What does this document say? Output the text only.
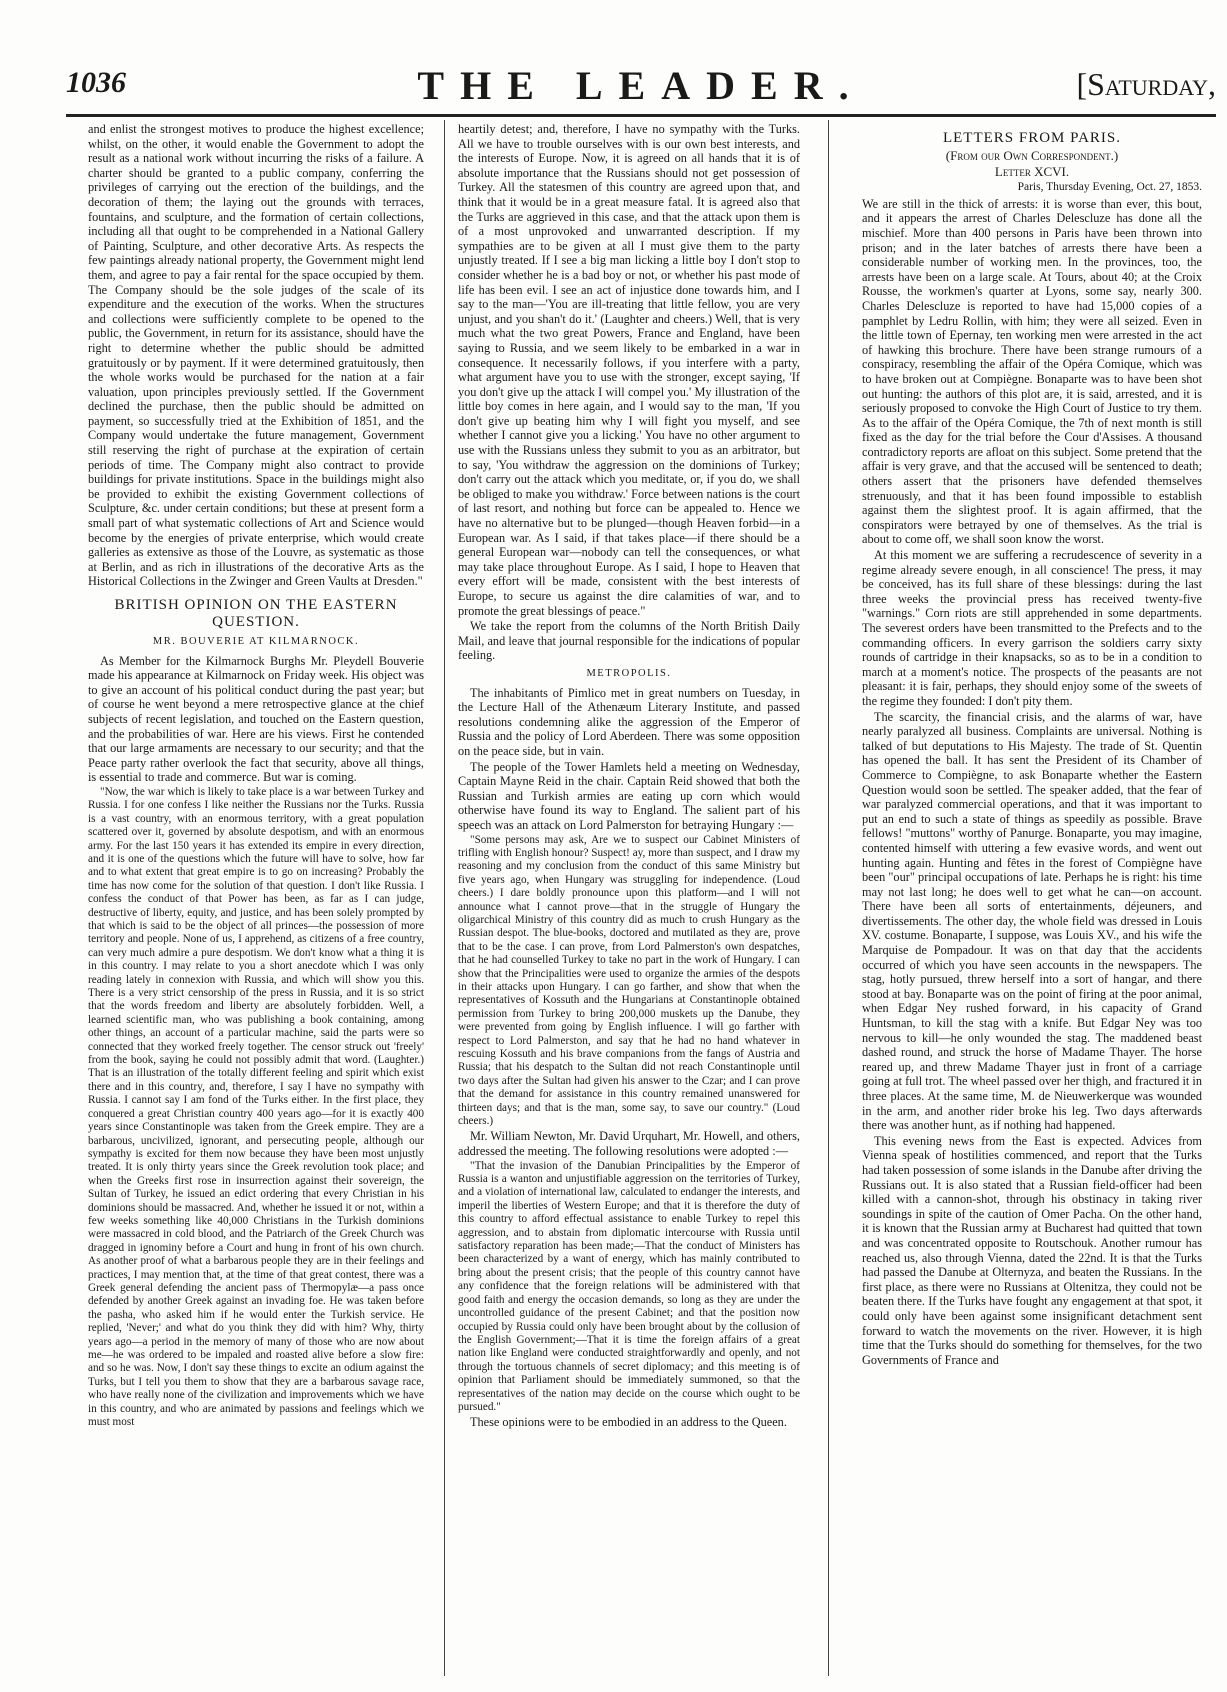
1036	THE LEADER.	[Saturday,

and enlist the strongest motives to produce the highest excellence; whilst, on the other, it would enable the Government to adopt the result as a national work without incurring the risks of a failure. A charter should be granted to a public company, conferring the privileges of carrying out the erection of the buildings, and the decoration of them; the laying out the grounds with terraces, fountains, and sculpture, and the formation of certain collections, including all that ought to be comprehended in a National Gallery of Painting, Sculpture, and other decorative Arts. As respects the few paintings already national property, the Government might lend them, and agree to pay a fair rental for the space occupied by them. The Company should be the sole judges of the scale of its expenditure and the execution of the works. When the structures and collections were sufficiently complete to be opened to the public, the Government, in return for its assistance, should have the right to determine whether the public should be admitted gratuitously or by payment. If it were determined gratuitously, then the whole works would be purchased for the nation at a fair valuation, upon principles previously settled. If the Government declined the purchase, then the public should be admitted on payment, so successfully tried at the Exhibition of 1851, and the Company would undertake the future management, Government still reserving the right of purchase at the expiration of certain periods of time. The Company might also contract to provide buildings for private institutions. Space in the buildings might also be provided to exhibit the existing Government collections of Sculpture, &c. under certain conditions; but these at present form a small part of what systematic collections of Art and Science would become by the energies of private enterprise, which would create galleries as extensive as those of the Louvre, as systematic as those at Berlin, and as rich in illustrations of the decorative Arts as the Historical Collections in the Zwinger and Green Vaults at Dresden."

BRITISH OPINION ON THE EASTERN QUESTION.
MR. BOUVERIE AT KILMARNOCK.

As Member for the Kilmarnock Burghs Mr. Pleydell Bouverie made his appearance at Kilmarnock on Friday week. His object was to give an account of his political conduct during the past year; but of course he went beyond a mere retrospective glance at the chief subjects of recent legislation, and touched on the Eastern question, and the probabilities of war. Here are his views. First he contended that our large armaments are necessary to our security; and that the Peace party rather overlook the fact that security, above all things, is essential to trade and commerce. But war is coming.

"Now, the war which is likely to take place is a war between Turkey and Russia. I for one confess I like neither the Russians nor the Turks. Russia is a vast country, with an enormous territory, with a great population scattered over it, governed by absolute despotism, and with an enormous army. For the last 150 years it has extended its empire in every direction, and it is one of the questions which the future will have to solve, how far and to what extent that great empire is to go on increasing? Probably the time has now come for the solution of that question. I don't like Russia. I confess the conduct of that Power has been, as far as I can judge, destructive of liberty, equity, and justice, and has been solely prompted by that which is said to be the object of all princes—the possession of more territory and people. None of us, I apprehend, as citizens of a free country, can very much admire a pure despotism. We don't know what a thing it is in this country. I may relate to you a short anecdote which I was only reading lately in connexion with Russia, and which will show you this. There is a very strict censorship of the press in Russia, and it is so strict that the words freedom and liberty are absolutely forbidden. Well, a learned scientific man, who was publishing a book containing, among other things, an account of a particular machine, said the parts were so connected that they worked freely together. The censor struck out 'freely' from the book, saying he could not possibly admit that word. (Laughter.) That is an illustration of the totally different feeling and spirit which exist there and in this country, and, therefore, I say I have no sympathy with Russia. I cannot say I am fond of the Turks either. In the first place, they conquered a great Christian country 400 years ago—for it is exactly 400 years since Constantinople was taken from the Greek empire. They are a barbarous, uncivilized, ignorant, and persecuting people, although our sympathy is excited for them now because they have been most unjustly treated. It is only thirty years since the Greek revolution took place; and when the Greeks first rose in insurrection against their sovereign, the Sultan of Turkey, he issued an edict ordering that every Christian in his dominions should be massacred. And, whether he issued it or not, within a few weeks something like 40,000 Christians in the Turkish dominions were massacred in cold blood, and the Patriarch of the Greek Church was dragged in ignominy before a Court and hung in front of his own church. As another proof of what a barbarous people they are in their feelings and practices, I may mention that, at the time of that great contest, there was a Greek general defending the ancient pass of Thermopylæ—a pass once defended by another Greek against an invading foe. He was taken before the pasha, who asked him if he would enter the Turkish service. He replied, 'Never;' and what do you think they did with him? Why, thirty years ago—a period in the memory of many of those who are now about me—he was ordered to be impaled and roasted alive before a slow fire: and so he was. Now, I don't say these things to excite an odium against the Turks, but I tell you them to show that they are a barbarous savage race, who have really none of the civilization and improvements which we have in this country, and who are animated by passions and feelings which we must most

heartily detest; and, therefore, I have no sympathy with the Turks. All we have to trouble ourselves with is our own best interests, and the interests of Europe. Now, it is agreed on all hands that it is of absolute importance that the Russians should not get possession of Turkey. All the statesmen of this country are agreed upon that, and think that it would be in a great measure fatal. It is agreed also that the Turks are aggrieved in this case, and that the attack upon them is of a most unprovoked and unwarranted description. If my sympathies are to be given at all I must give them to the party unjustly treated. If I see a big man licking a little boy I don't stop to consider whether he is a bad boy or not, or whether his past mode of life has been evil. I see an act of injustice done towards him, and I say to the man—'You are ill-treating that little fellow, you are very unjust, and you shan't do it.' (Laughter and cheers.) Well, that is very much what the two great Powers, France and England, have been saying to Russia, and we seem likely to be embarked in a war in consequence. It necessarily follows, if you interfere with a party, what argument have you to use with the stronger, except saying, 'If you don't give up the attack I will compel you.' My illustration of the little boy comes in here again, and I would say to the man, 'If you don't give up beating him why I will fight you myself, and see whether I cannot give you a licking.' You have no other argument to use with the Russians unless they submit to you as an arbitrator, but to say, 'You withdraw the aggression on the dominions of Turkey; don't carry out the attack which you meditate, or, if you do, we shall be obliged to make you withdraw.' Force between nations is the court of last resort, and nothing but force can be appealed to. Hence we have no alternative but to be plunged—though Heaven forbid—in a European war. As I said, if that takes place—if there should be a general European war—nobody can tell the consequences, or what may take place throughout Europe. As I said, I hope to Heaven that every effort will be made, consistent with the best interests of Europe, to secure us against the dire calamities of war, and to promote the great blessings of peace."

We take the report from the columns of the North British Daily Mail, and leave that journal responsible for the indications of popular feeling.

METROPOLIS.

The inhabitants of Pimlico met in great numbers on Tuesday, in the Lecture Hall of the Athenæum Literary Institute, and passed resolutions condemning alike the aggression of the Emperor of Russia and the policy of Lord Aberdeen. There was some opposition on the peace side, but in vain.

The people of the Tower Hamlets held a meeting on Wednesday, Captain Mayne Reid in the chair. Captain Reid showed that both the Russian and Turkish armies are eating up corn which would otherwise have found its way to England. The salient part of his speech was an attack on Lord Palmerston for betraying Hungary :—

"Some persons may ask, Are we to suspect our Cabinet Ministers of trifling with English honour? Suspect! ay, more than suspect, and I draw my reasoning and my conclusion from the conduct of this same Ministry but five years ago, when Hungary was struggling for independence. (Loud cheers.) I dare boldly pronounce upon this platform—and I will not announce what I cannot prove—that in the struggle of Hungary the oligarchical Ministry of this country did as much to crush Hungary as the Russian despot. The blue-books, doctored and mutilated as they are, prove that to be the case. I can prove, from Lord Palmerston's own despatches, that he had counselled Turkey to take no part in the work of Hungary. I can show that the Principalities were used to organize the armies of the despots in their attacks upon Hungary. I can go farther, and show that when the representatives of Kossuth and the Hungarians at Constantinople obtained permission from Turkey to bring 200,000 muskets up the Danube, they were prevented from going by English influence. I will go farther with respect to Lord Palmerston, and say that he had no hand whatever in rescuing Kossuth and his brave companions from the fangs of Austria and Russia; that his despatch to the Sultan did not reach Constantinople until two days after the Sultan had given his answer to the Czar; and I can prove that the demand for assistance in this country remained unanswered for thirteen days; and that is the man, some say, to save our country." (Loud cheers.)

Mr. William Newton, Mr. David Urquhart, Mr. Howell, and others, addressed the meeting. The following resolutions were adopted :—

"That the invasion of the Danubian Principalities by the Emperor of Russia is a wanton and unjustifiable aggression on the territories of Turkey, and a violation of international law, calculated to endanger the interests, and imperil the liberties of Western Europe; and that it is therefore the duty of this country to afford effectual assistance to enable Turkey to repel this aggression, and to abstain from diplomatic intercourse with Russia until satisfactory reparation has been made;—That the conduct of Ministers has been characterized by a want of energy, which has mainly contributed to bring about the present crisis; that the people of this country cannot have any confidence that the foreign relations will be administered with that good faith and energy the occasion demands, so long as they are under the uncontrolled guidance of the present Cabinet; and that the position now occupied by Russia could only have been brought about by the collusion of the English Government;—That it is time the foreign affairs of a great nation like England were conducted straightforwardly and openly, and not through the tortuous channels of secret diplomacy; and this meeting is of opinion that Parliament should be immediately summoned, so that the representatives of the nation may decide on the course which ought to be pursued."

These opinions were to be embodied in an address to the Queen.

LETTERS FROM PARIS.
(From our Own Correspondent.)
Letter XCVI.
Paris, Thursday Evening, Oct. 27, 1853.

We are still in the thick of arrests: it is worse than ever, this bout, and it appears the arrest of Charles Delescluze has done all the mischief. More than 400 persons in Paris have been thrown into prison; and in the later batches of arrests there have been a considerable number of working men. In the provinces, too, the arrests have been on a large scale. At Tours, about 40; at the Croix Rousse, the workmen's quarter at Lyons, some say, nearly 300. Charles Delescluze is reported to have had 15,000 copies of a pamphlet by Ledru Rollin, with him; they were all seized. Even in the little town of Epernay, ten working men were arrested in the act of hawking this brochure. There have been strange rumours of a conspiracy, resembling the affair of the Opéra Comique, which was to have broken out at Compiègne. Bonaparte was to have been shot out hunting: the authors of this plot are, it is said, arrested, and it is seriously proposed to convoke the High Court of Justice to try them. As to the affair of the Opéra Comique, the 7th of next month is still fixed as the day for the trial before the Cour d'Assises. A thousand contradictory reports are afloat on this subject. Some pretend that the affair is very grave, and that the accused will be sentenced to death; others assert that the prisoners have defended themselves strenuously, and that it has been found impossible to establish against them the slightest proof. It is again affirmed, that the conspirators were betrayed by one of themselves. As the trial is about to come off, we shall soon know the worst.

At this moment we are suffering a recrudescence of severity in a regime already severe enough, in all conscience! The press, it may be conceived, has its full share of these blessings: during the last three weeks the provincial press has received twenty-five "warnings." Corn riots are still apprehended in some departments. The severest orders have been transmitted to the Prefects and to the commanding officers. In every garrison the soldiers carry sixty rounds of cartridge in their knapsacks, so as to be in a condition to march at a moment's notice. The prospects of the peasants are not pleasant: it is fair, perhaps, they should enjoy some of the sweets of the regime they founded: I don't pity them.

The scarcity, the financial crisis, and the alarms of war, have nearly paralyzed all business. Complaints are universal. Nothing is talked of but deputations to His Majesty. The trade of St. Quentin has opened the ball. It has sent the President of its Chamber of Commerce to Compiègne, to ask Bonaparte whether the Eastern Question would soon be settled. The speaker added, that the fear of war paralyzed commercial operations, and that it was important to put an end to such a state of things as speedily as possible. Brave fellows! "muttons" worthy of Panurge. Bonaparte, you may imagine, contented himself with uttering a few evasive words, and went out hunting again. Hunting and fêtes in the forest of Compiègne have been "our" principal occupations of late. Perhaps he is right: his time may not last long; he does well to get what he can—on account. There have been all sorts of entertainments, déjeuners, and divertissements. The other day, the whole field was dressed in Louis XV. costume. Bonaparte, I suppose, was Louis XV., and his wife the Marquise de Pompadour. It was on that day that the accidents occurred of which you have seen accounts in the newspapers. The stag, hotly pursued, threw herself into a sort of hangar, and there stood at bay. Bonaparte was on the point of firing at the poor animal, when Edgar Ney rushed forward, in his capacity of Grand Huntsman, to kill the stag with a knife. But Edgar Ney was too nervous to kill—he only wounded the stag. The maddened beast dashed round, and struck the horse of Madame Thayer. The horse reared up, and threw Madame Thayer just in front of a carriage going at full trot. The wheel passed over her thigh, and fractured it in three places. At the same time, M. de Nieuwerkerque was wounded in the arm, and another rider broke his leg. Two days afterwards there was another hunt, as if nothing had happened.

This evening news from the East is expected. Advices from Vienna speak of hostilities commenced, and report that the Turks had taken possession of some islands in the Danube after driving the Russians out. It is also stated that a Russian field-officer had been killed with a cannon-shot, through his obstinacy in taking river soundings in spite of the caution of Omer Pacha. On the other hand, it is known that the Russian army at Bucharest had quitted that town and was concentrated opposite to Routschouk. Another rumour has reached us, also through Vienna, dated the 22nd. It is that the Turks had passed the Danube at Olternyza, and beaten the Russians. In the first place, as there were no Russians at Oltenitza, they could not be beaten there. If the Turks have fought any engagement at that spot, it could only have been against some insignificant detachment sent forward to watch the movements on the river. However, it is high time that the Turks should do something for themselves, for the two Governments of France and
